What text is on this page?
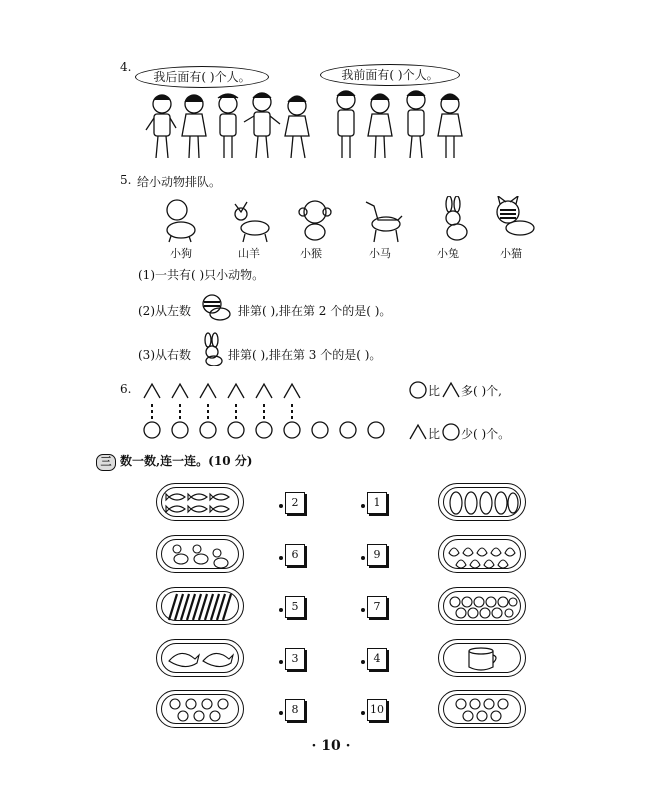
4.
我后面有( )个人。	我前面有( )个人。
5. 给小动物排队。
小狗	山羊	小猴	小马	小兔	小猫
(1)一共有( )只小动物。
(2)从左数	排第( ),排在第 2 个的是( )。
(3)从右数	排第( ),排在第 3 个的是( )。
6.	比 多( )个,
比 少( )个。
三 数一数,连一连。(10 分)
2
6
5
3
8
1
9
7
4
10
· 10 ·
